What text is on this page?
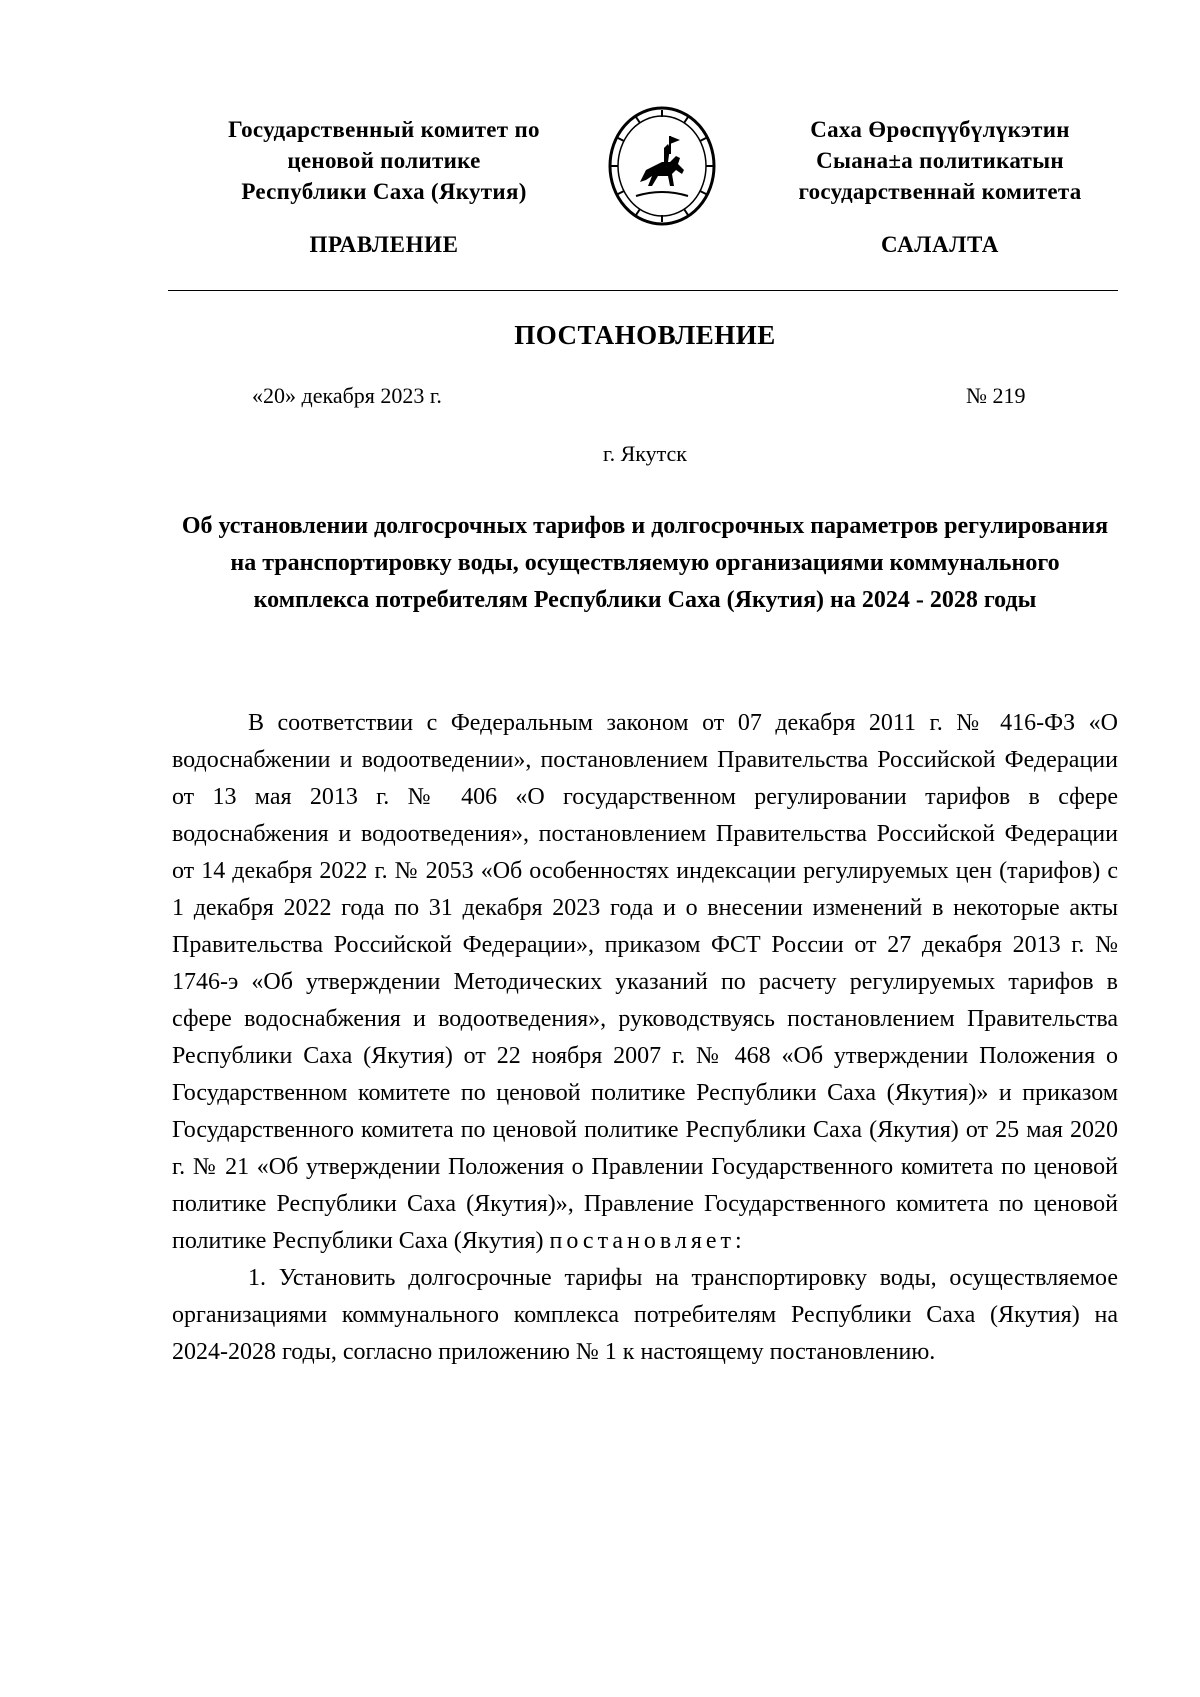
Государственный комитет по
ценовой политике
Республики Саха (Якутия)
Саха Өрөспүүбүлүкэтин
Сыана±а политикатын
государственнай комитета
ПРАВЛЕНИЕ	САЛАЛТА
ПОСТАНОВЛЕНИЕ
«20» декабря 2023 г.	№ 219
г. Якутск
Об установлении долгосрочных тарифов и долгосрочных параметров регулирования на транспортировку воды, осуществляемую организациями коммунального комплекса потребителям Республики Саха (Якутия) на 2024 - 2028 годы

В соответствии с Федеральным законом от 07 декабря 2011 г. № 416-ФЗ «О водоснабжении и водоотведении», постановлением Правительства Российской Федерации от 13 мая 2013 г. № 406 «О государственном регулировании тарифов в сфере водоснабжения и водоотведения», постановлением Правительства Российской Федерации от 14 декабря 2022 г. № 2053 «Об особенностях индексации регулируемых цен (тарифов) с 1 декабря 2022 года по 31 декабря 2023 года и о внесении изменений в некоторые акты Правительства Российской Федерации», приказом ФСТ России от 27 декабря 2013 г. № 1746-э «Об утверждении Методических указаний по расчету регулируемых тарифов в сфере водоснабжения и водоотведения», руководствуясь постановлением Правительства Республики Саха (Якутия) от 22 ноября 2007 г. № 468 «Об утверждении Положения о Государственном комитете по ценовой политике Республики Саха (Якутия)» и приказом Государственного комитета по ценовой политике Республики Саха (Якутия) от 25 мая 2020 г. № 21 «Об утверждении Положения о Правлении Государственного комитета по ценовой политике Республики Саха (Якутия)», Правление Государственного комитета по ценовой политике Республики Саха (Якутия) постановляет:

1. Установить долгосрочные тарифы на транспортировку воды, осуществляемое организациями коммунального комплекса потребителям Республики Саха (Якутия) на 2024-2028 годы, согласно приложению № 1 к настоящему постановлению.
